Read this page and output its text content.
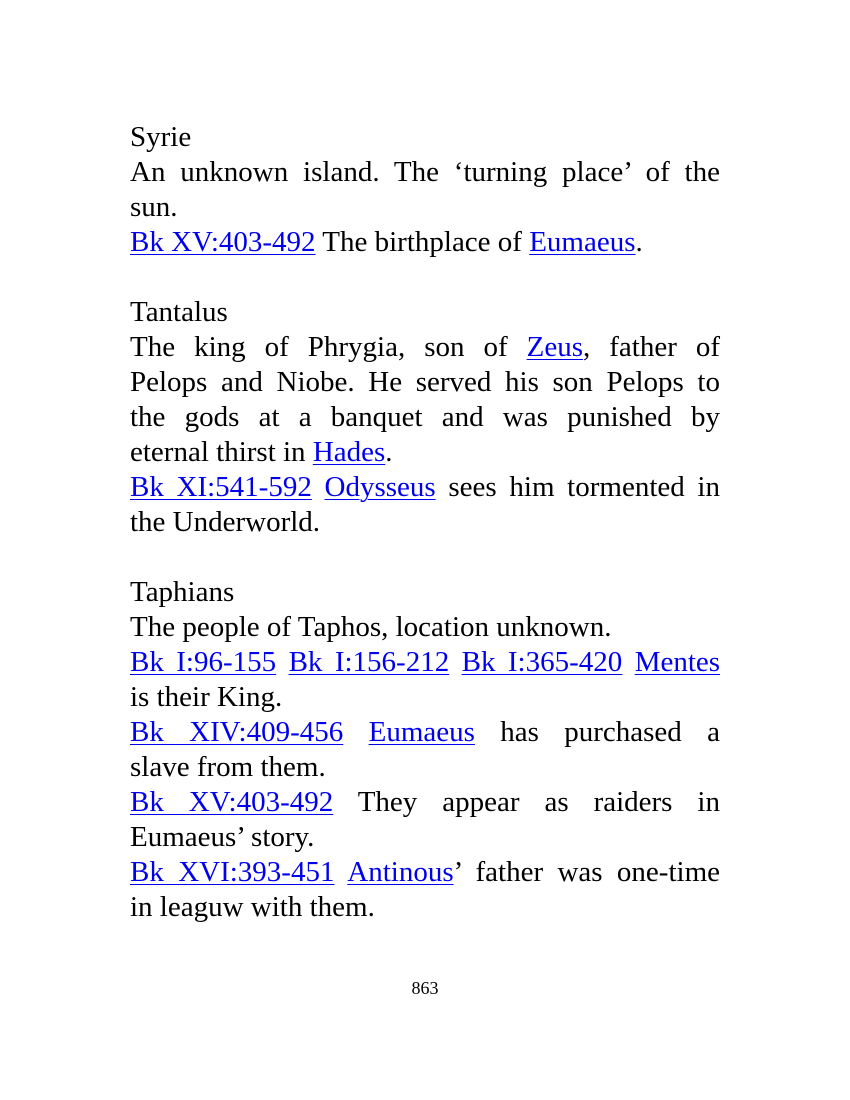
Syrie
An unknown island. The ‘turning place’ of the
sun.
Bk XV:403-492 The birthplace of Eumaeus.
Tantalus
The king of Phrygia, son of Zeus, father of
Pelops and Niobe. He served his son Pelops to
the gods at a banquet and was punished by
eternal thirst in Hades.
Bk XI:541-592 Odysseus sees him tormented in
the Underworld.
Taphians
The people of Taphos, location unknown.
Bk I:96-155 Bk I:156-212 Bk I:365-420 Mentes
is their King.
Bk XIV:409-456 Eumaeus has purchased a
slave from them.
Bk XV:403-492 They appear as raiders in
Eumaeus’ story.
Bk XVI:393-451 Antinous’ father was one-time
in leaguw with them.
863
